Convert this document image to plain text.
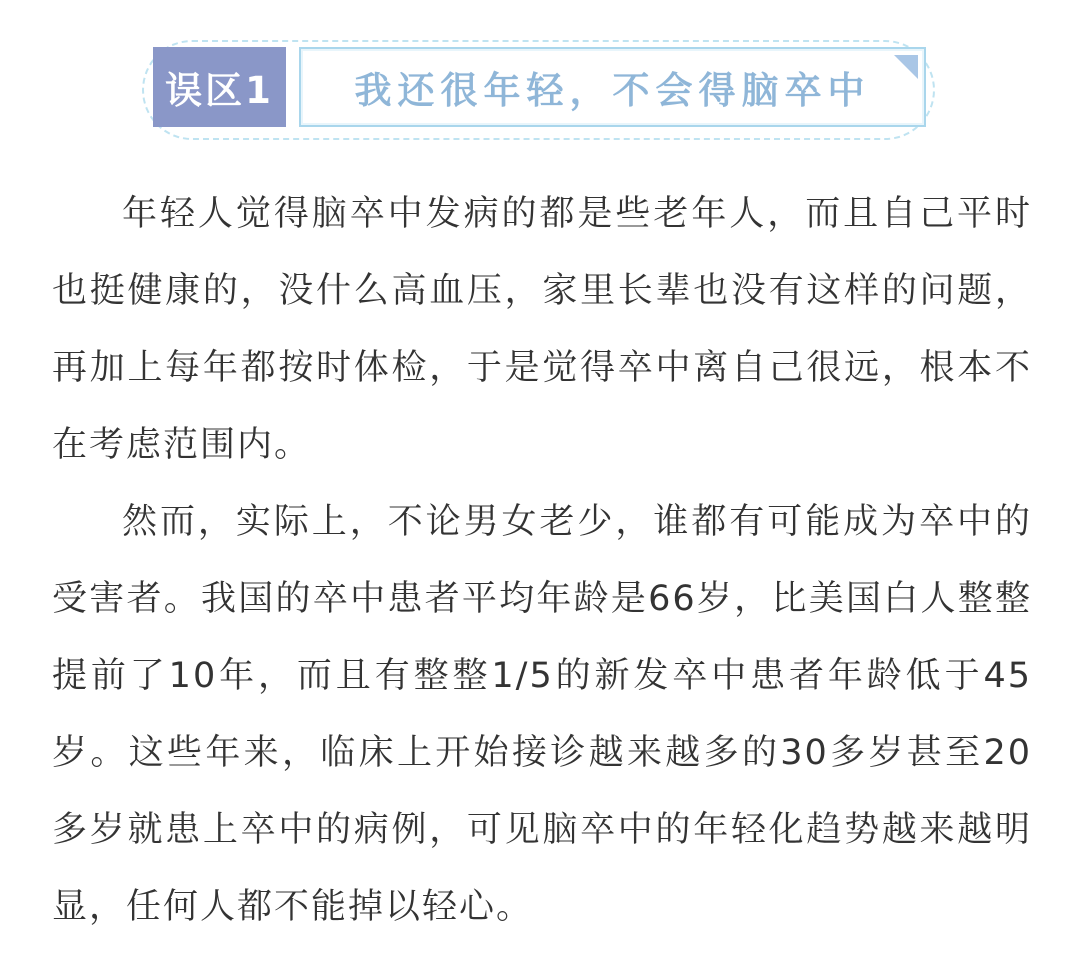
误区1 我还很年轻，不会得脑卒中

年轻人觉得脑卒中发病的都是些老年人，而且自己平时也挺健康的，没什么高血压，家里长辈也没有这样的问题，再加上每年都按时体检，于是觉得卒中离自己很远，根本不在考虑范围内。

然而，实际上，不论男女老少，谁都有可能成为卒中的受害者。我国的卒中患者平均年龄是66岁，比美国白人整整提前了10年，而且有整整1/5的新发卒中患者年龄低于45岁。这些年来，临床上开始接诊越来越多的30多岁甚至20多岁就患上卒中的病例，可见脑卒中的年轻化趋势越来越明显，任何人都不能掉以轻心。
